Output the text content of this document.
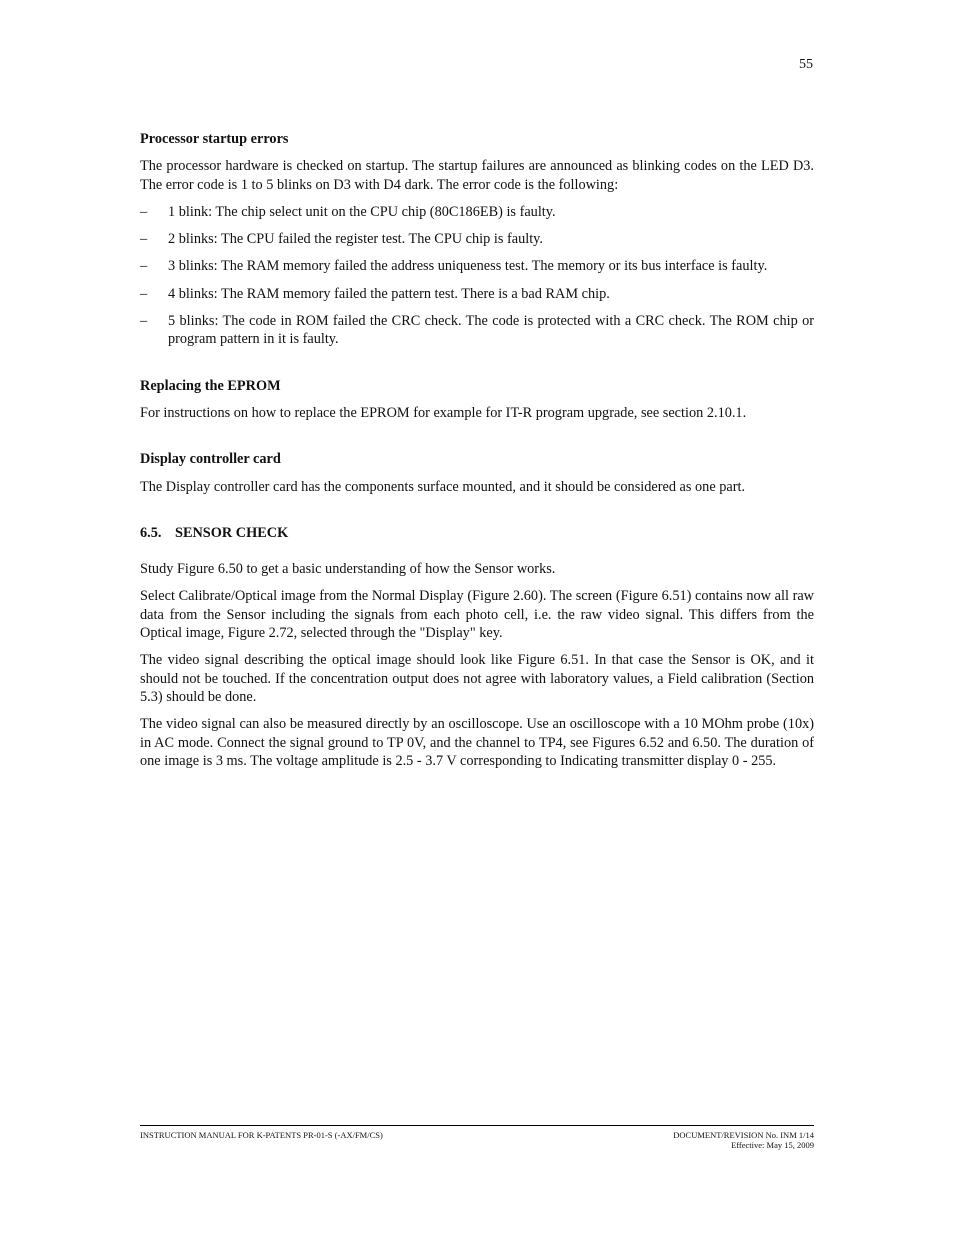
55
Processor startup errors
The processor hardware is checked on startup. The startup failures are announced as blinking codes on the LED D3. The error code is 1 to 5 blinks on D3 with D4 dark. The error code is the following:
– 1 blink: The chip select unit on the CPU chip (80C186EB) is faulty.
– 2 blinks: The CPU failed the register test. The CPU chip is faulty.
– 3 blinks: The RAM memory failed the address uniqueness test. The memory or its bus interface is faulty.
– 4 blinks: The RAM memory failed the pattern test. There is a bad RAM chip.
– 5 blinks: The code in ROM failed the CRC check. The code is protected with a CRC check. The ROM chip or program pattern in it is faulty.
Replacing the EPROM
For instructions on how to replace the EPROM for example for IT-R program upgrade, see section 2.10.1.
Display controller card
The Display controller card has the components surface mounted, and it should be considered as one part.
6.5. SENSOR CHECK
Study Figure 6.50 to get a basic understanding of how the Sensor works.
Select Calibrate/Optical image from the Normal Display (Figure 2.60). The screen (Figure 6.51) contains now all raw data from the Sensor including the signals from each photo cell, i.e. the raw video signal. This differs from the Optical image, Figure 2.72, selected through the "Display" key.
The video signal describing the optical image should look like Figure 6.51. In that case the Sensor is OK, and it should not be touched. If the concentration output does not agree with laboratory values, a Field calibration (Section 5.3) should be done.
The video signal can also be measured directly by an oscilloscope. Use an oscilloscope with a 10 MOhm probe (10x) in AC mode. Connect the signal ground to TP 0V, and the channel to TP4, see Figures 6.52 and 6.50. The duration of one image is 3 ms. The voltage amplitude is 2.5 - 3.7 V corresponding to Indicating transmitter display 0 - 255.
INSTRUCTION MANUAL FOR K-PATENTS PR-01-S (-AX/FM/CS)	DOCUMENT/REVISION No. INM 1/14
Effective: May 15, 2009
